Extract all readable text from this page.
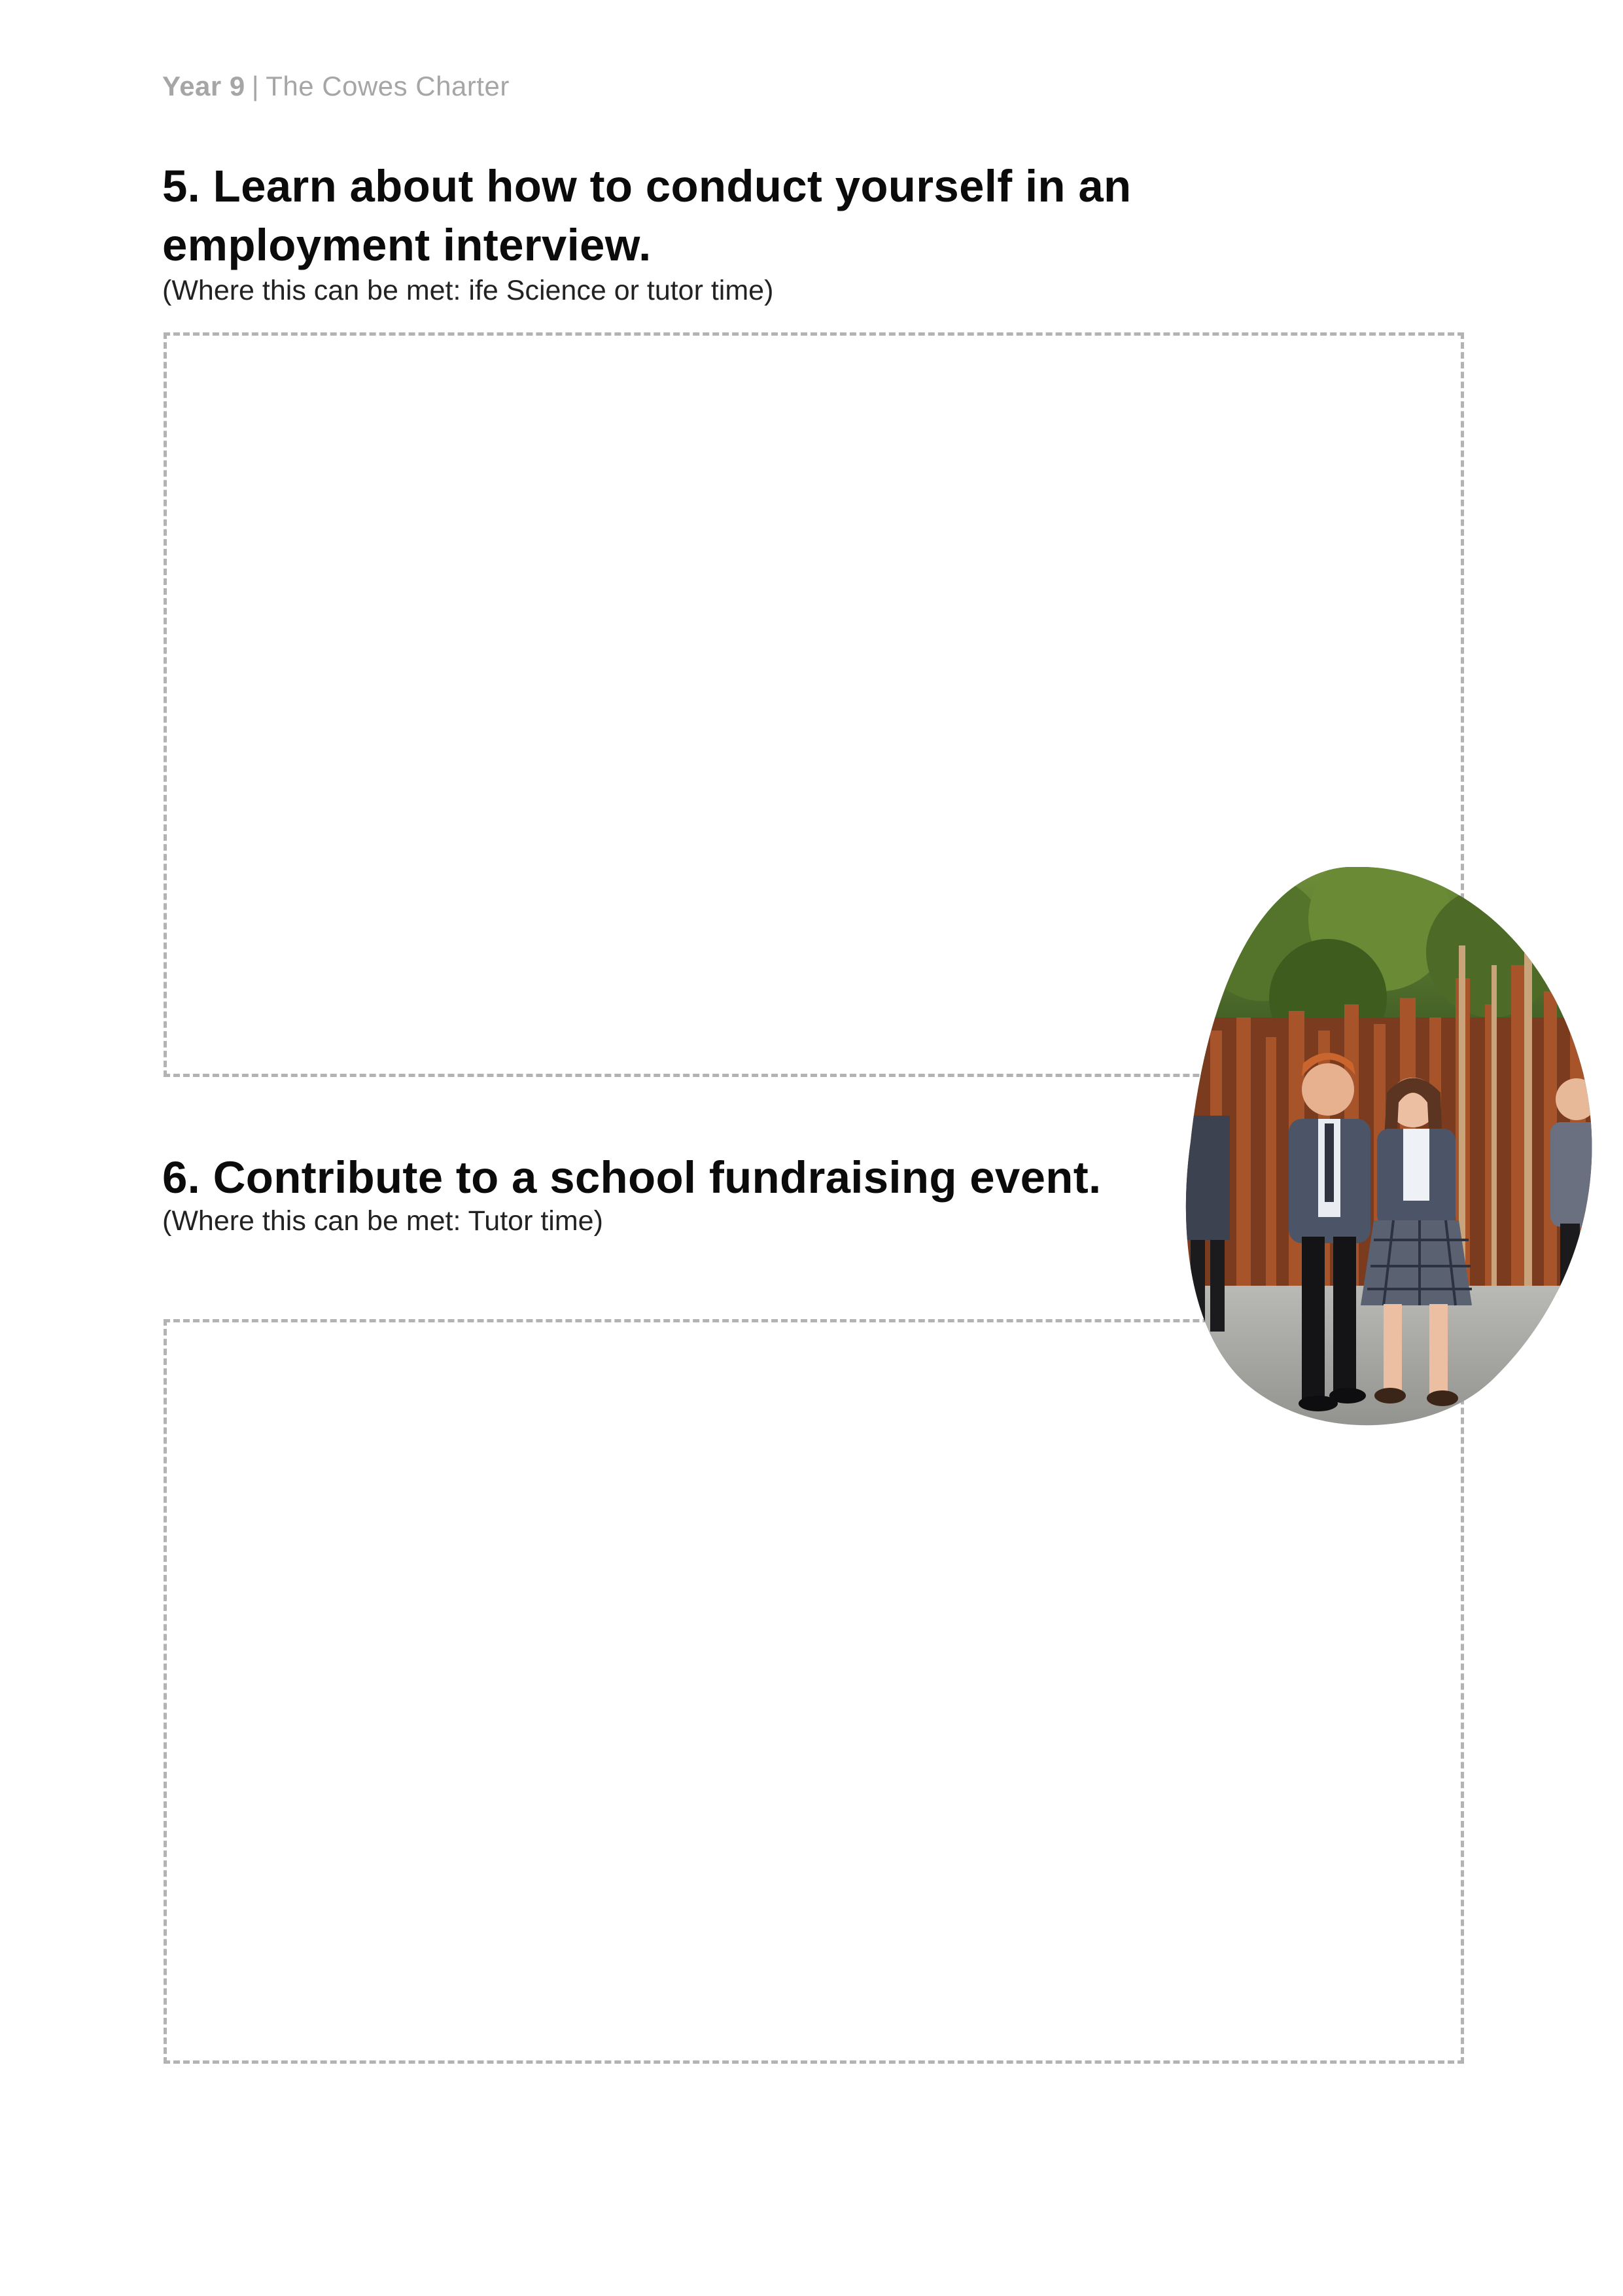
Year 9 | The Cowes Charter
5. Learn about how to conduct yourself in an employment interview.
(Where this can be met: ife Science or tutor time)
6. Contribute to a school fundraising event.
(Where this can be met: Tutor time)
